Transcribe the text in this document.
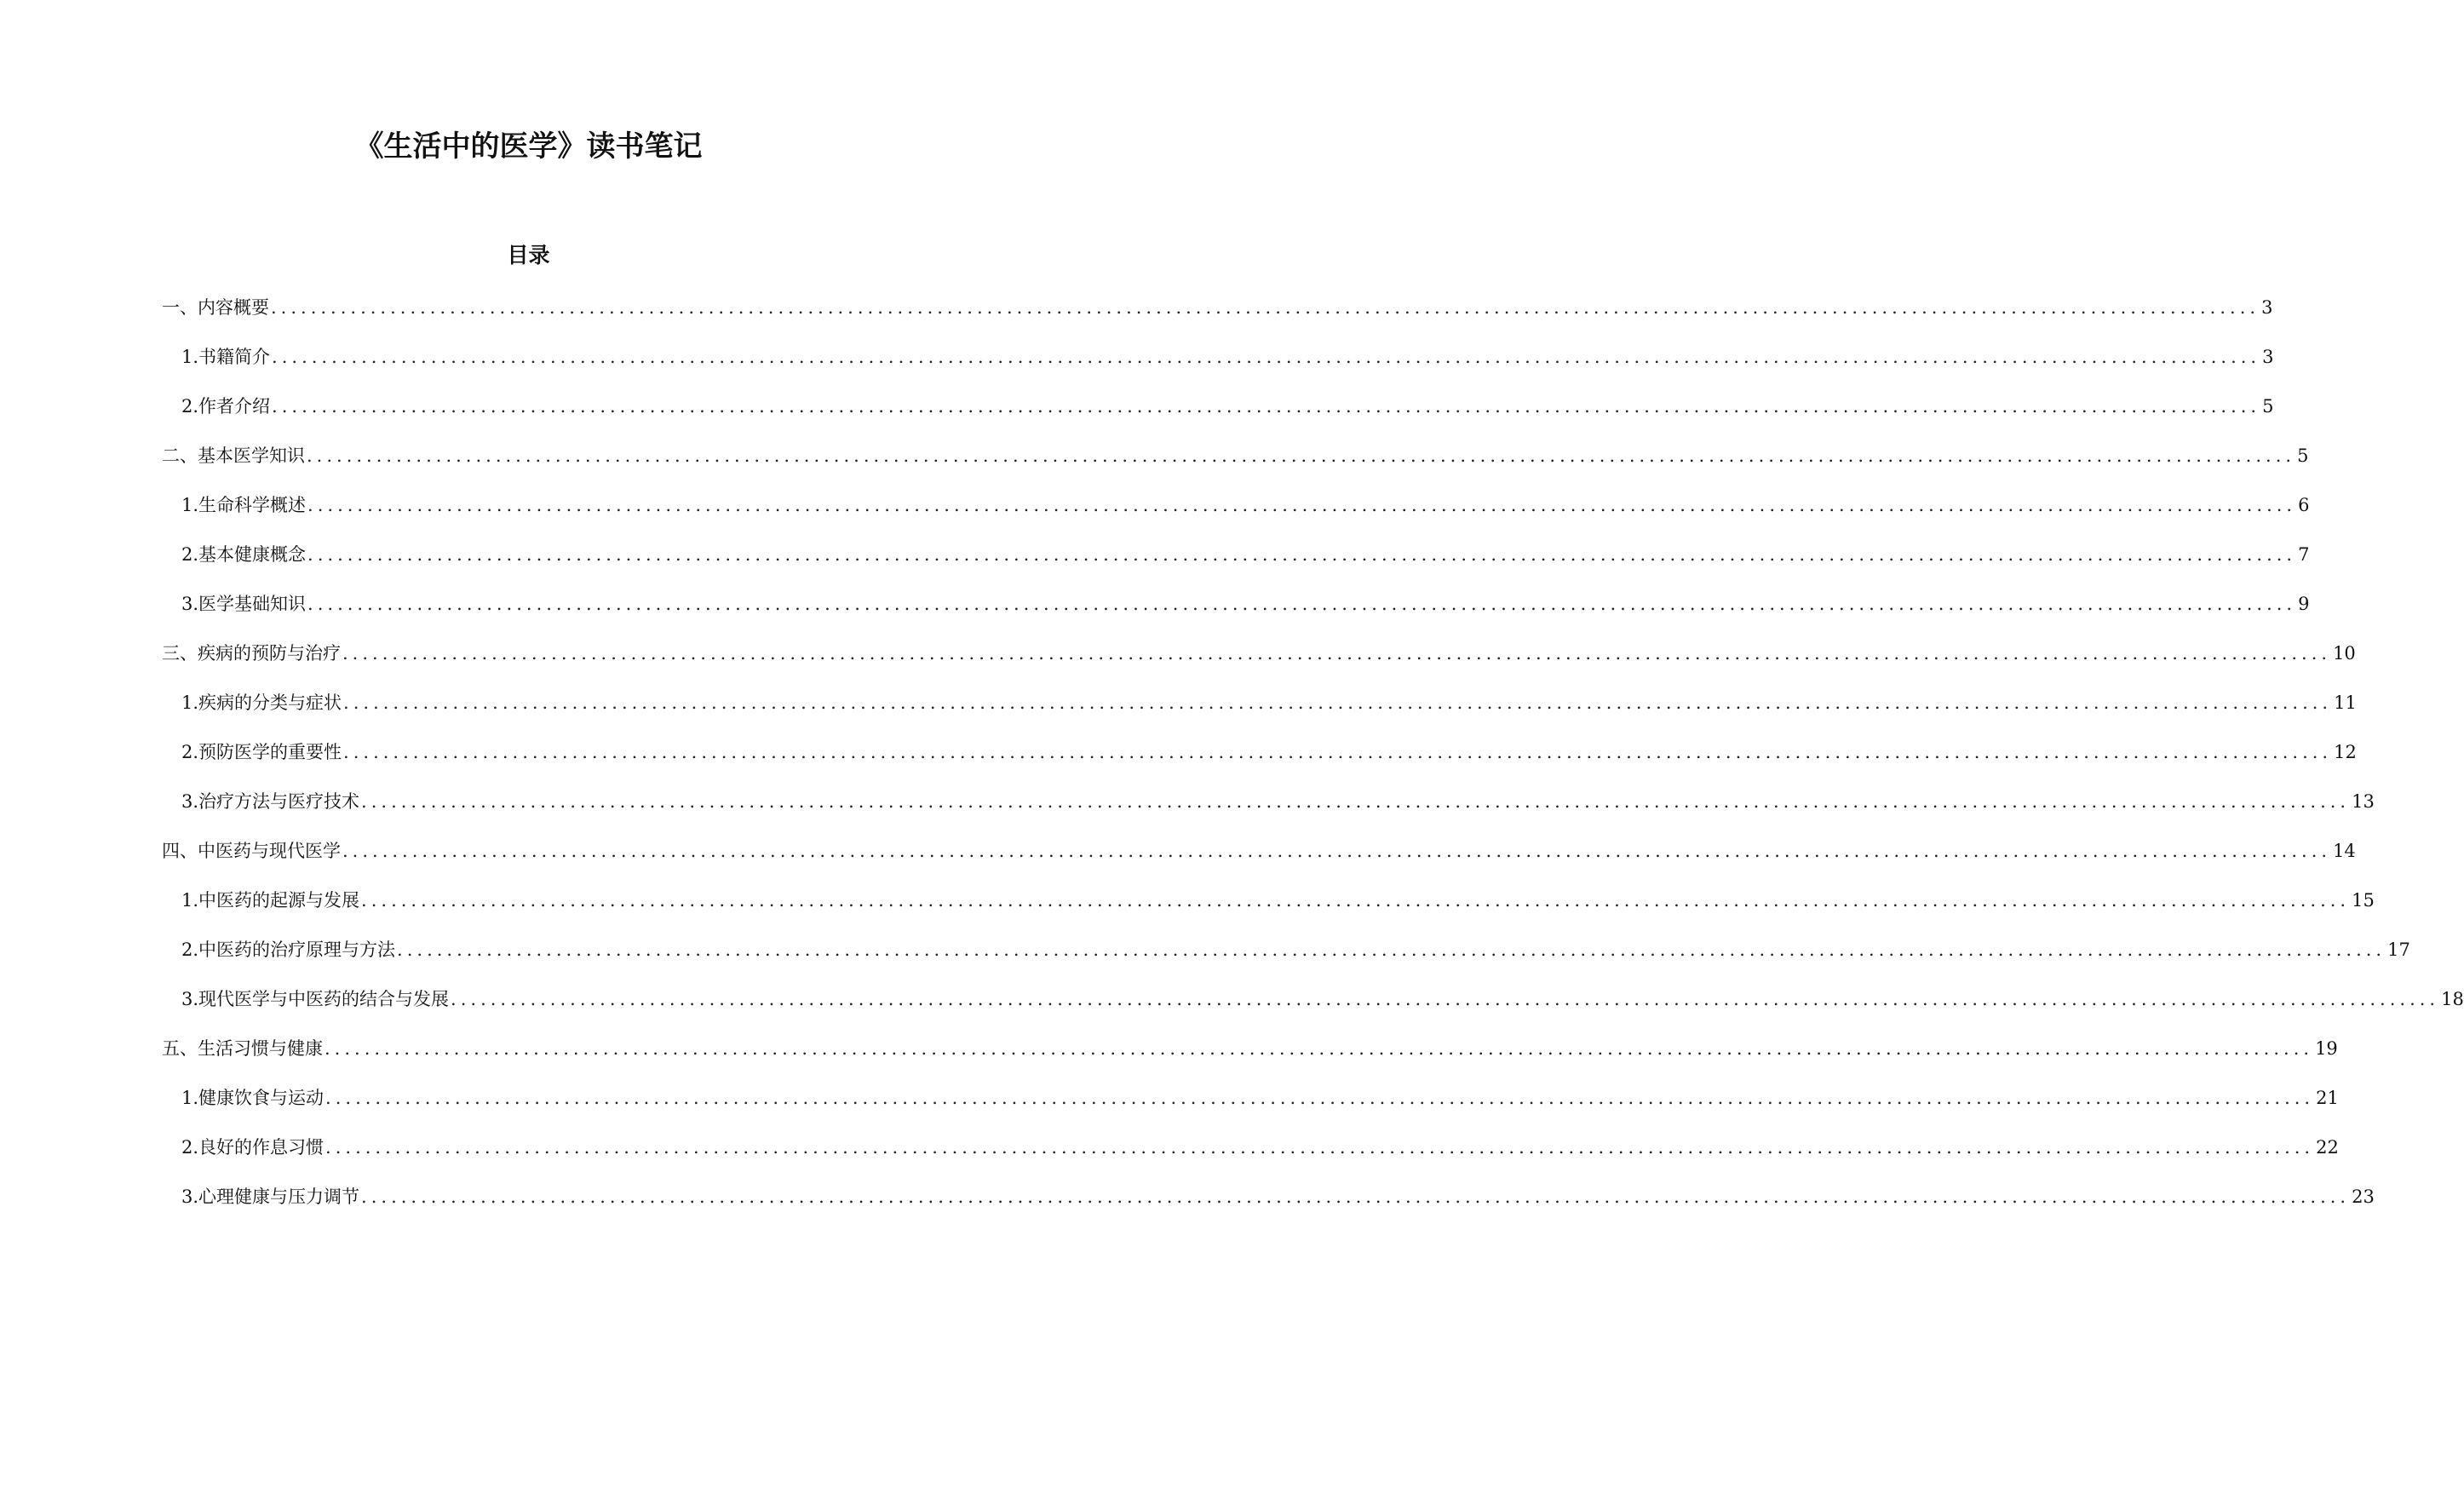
《生活中的医学》读书笔记
目录
一、内容概要 ........................................................................................................................................................................................................ 3
1. 书籍简介 ........................................................................................................................................................................................................ 3
2. 作者介绍 ........................................................................................................................................................................................................ 5
二、基本医学知识 ........................................................................................................................................................................................................ 5
1. 生命科学概述 ........................................................................................................................................................................................................ 6
2. 基本健康概念 ........................................................................................................................................................................................................ 7
3. 医学基础知识 ........................................................................................................................................................................................................ 9
三、疾病的预防与治疗 ........................................................................................................................................................................................................ 10
1. 疾病的分类与症状 ........................................................................................................................................................................................................ 11
2. 预防医学的重要性 ........................................................................................................................................................................................................ 12
3. 治疗方法与医疗技术 ........................................................................................................................................................................................................ 13
四、中医药与现代医学 ........................................................................................................................................................................................................ 14
1. 中医药的起源与发展 ........................................................................................................................................................................................................ 15
2. 中医药的治疗原理与方法 ........................................................................................................................................................................................................ 17
3. 现代医学与中医药的结合与发展 ........................................................................................................................................................................................................ 18
五、生活习惯与健康 ........................................................................................................................................................................................................ 19
1. 健康饮食与运动 ........................................................................................................................................................................................................ 21
2. 良好的作息习惯 ........................................................................................................................................................................................................ 22
3. 心理健康与压力调节 ........................................................................................................................................................................................................ 23
